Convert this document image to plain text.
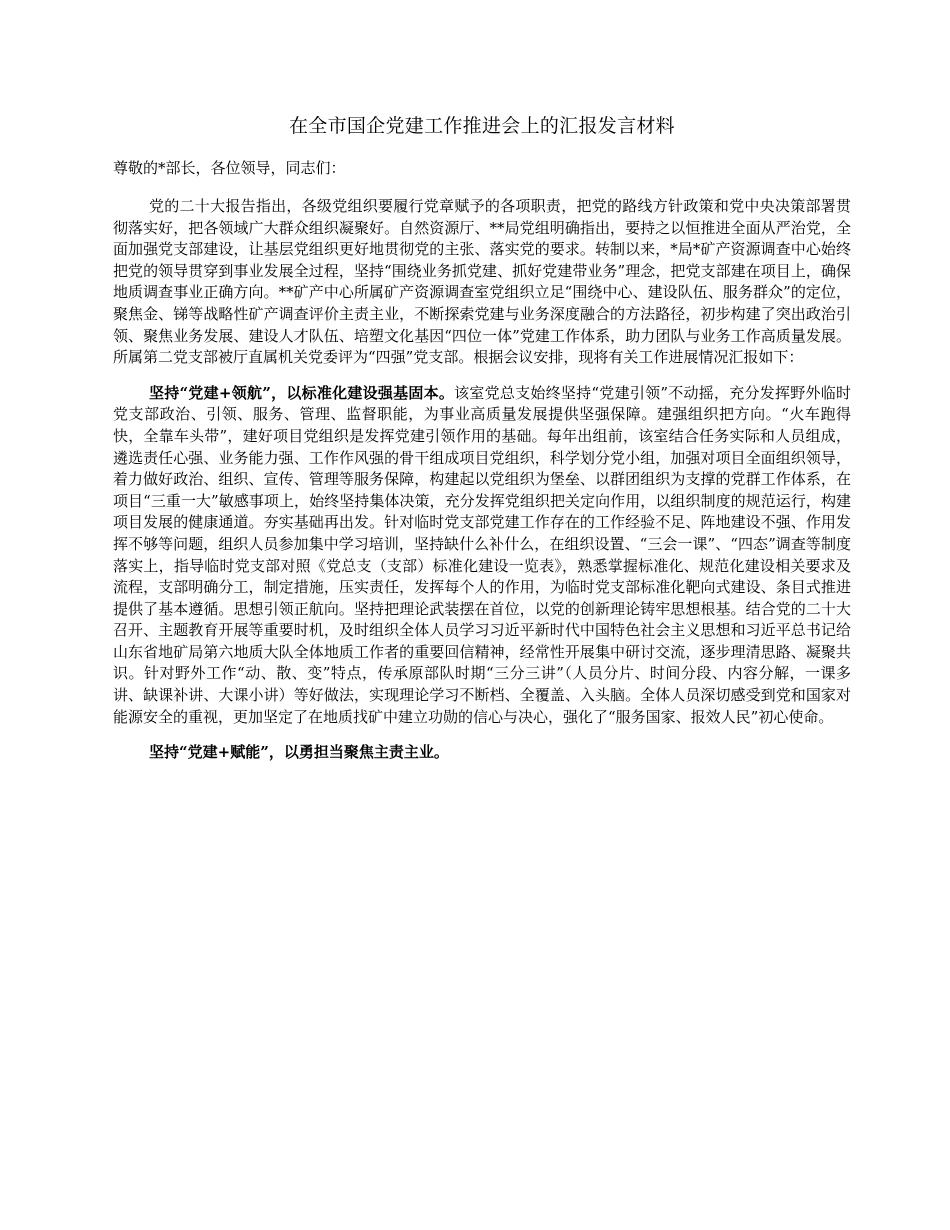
在全市国企党建工作推进会上的汇报发言材料

尊敬的*部长，各位领导，同志们：

党的二十大报告指出，各级党组织要履行党章赋予的各项职责，把党的路线方针政策和党中央决策部署贯彻落实好，把各领域广大群众组织凝聚好。自然资源厅、**局党组明确指出，要持之以恒推进全面从严治党，全面加强党支部建设，让基层党组织更好地贯彻党的主张、落实党的要求。转制以来，*局*矿产资源调查中心始终把党的领导贯穿到事业发展全过程，坚持“围绕业务抓党建、抓好党建带业务”理念，把党支部建在项目上，确保地质调查事业正确方向。**矿产中心所属矿产资源调查室党组织立足“围绕中心、建设队伍、服务群众”的定位，聚焦金、锑等战略性矿产调查评价主责主业，不断探索党建与业务深度融合的方法路径，初步构建了突出政治引领、聚焦业务发展、建设人才队伍、培塑文化基因“四位一体”党建工作体系，助力团队与业务工作高质量发展。所属第二党支部被厅直属机关党委评为“四强”党支部。根据会议安排，现将有关工作进展情况汇报如下：

坚持“党建+领航”，以标准化建设强基固本。该室党总支始终坚持“党建引领”不动摇，充分发挥野外临时党支部政治、引领、服务、管理、监督职能，为事业高质量发展提供坚强保障。建强组织把方向。“火车跑得快，全靠车头带”，建好项目党组织是发挥党建引领作用的基础。每年出组前，该室结合任务实际和人员组成，遴选责任心强、业务能力强、工作作风强的骨干组成项目党组织，科学划分党小组，加强对项目全面组织领导，着力做好政治、组织、宣传、管理等服务保障，构建起以党组织为堡垒、以群团组织为支撑的党群工作体系，在项目“三重一大”敏感事项上，始终坚持集体决策，充分发挥党组织把关定向作用，以组织制度的规范运行，构建项目发展的健康通道。夯实基础再出发。针对临时党支部党建工作存在的工作经验不足、阵地建设不强、作用发挥不够等问题，组织人员参加集中学习培训，坚持缺什么补什么，在组织设置、“三会一课”、“四态”调查等制度落实上，指导临时党支部对照《党总支（支部）标准化建设一览表》，熟悉掌握标准化、规范化建设相关要求及流程，支部明确分工，制定措施，压实责任，发挥每个人的作用，为临时党支部标准化靶向式建设、条目式推进提供了基本遵循。思想引领正航向。坚持把理论武装摆在首位，以党的创新理论铸牢思想根基。结合党的二十大召开、主题教育开展等重要时机，及时组织全体人员学习习近平新时代中国特色社会主义思想和习近平总书记给山东省地矿局第六地质大队全体地质工作者的重要回信精神，经常性开展集中研讨交流，逐步理清思路、凝聚共识。针对野外工作“动、散、变”特点，传承原部队时期“三分三讲”（人员分片、时间分段、内容分解，一课多讲、缺课补讲、大课小讲）等好做法，实现理论学习不断档、全覆盖、入头脑。全体人员深切感受到党和国家对能源安全的重视，更加坚定了在地质找矿中建立功勋的信心与决心，强化了“服务国家、报效人民”初心使命。

坚持“党建+赋能”，以勇担当聚焦主责主业。
